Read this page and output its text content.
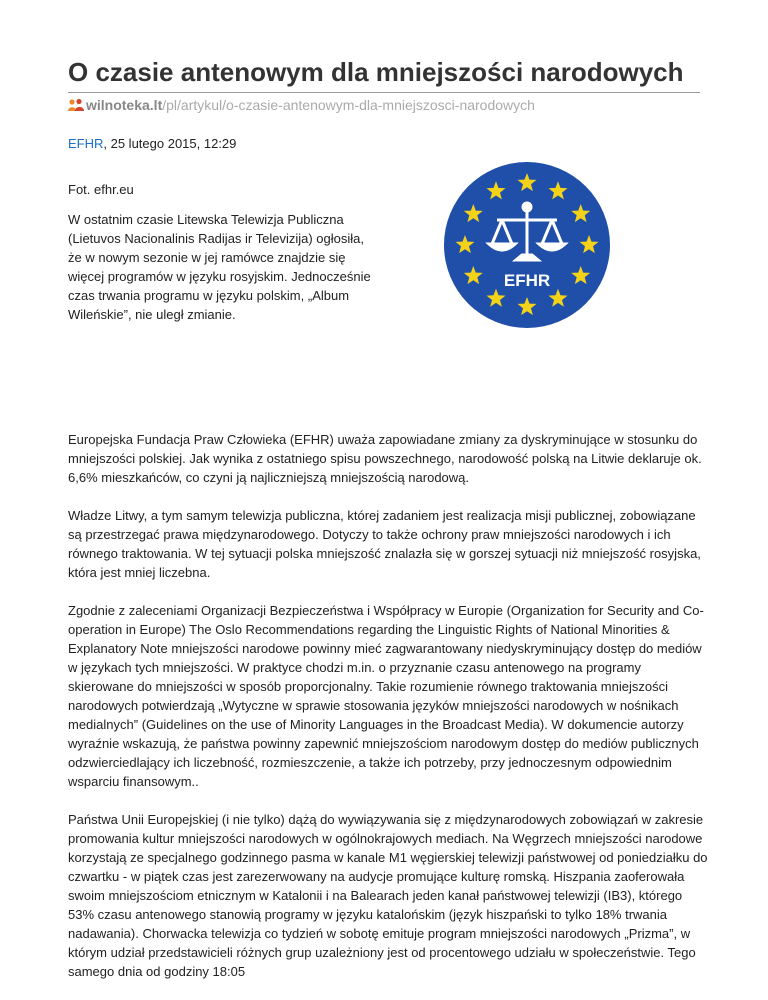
O czasie antenowym dla mniejszości narodowych
wilnoteka.lt/pl/artykul/o-czasie-antenowym-dla-mniejszosci-narodowych
EFHR, 25 lutego 2015, 12:29
Fot. efhr.eu

W ostatnim czasie Litewska Telewizja Publiczna (Lietuvos Nacionalinis Radijas ir Televizija) ogłosiła, że w nowym sezonie w jej ramówce znajdzie się więcej programów w języku rosyjskim. Jednocześnie czas trwania programu w języku polskim, „Album Wileńskie”, nie uległ zmianie.

EFHR

Europejska Fundacja Praw Człowieka (EFHR) uważa zapowiadane zmiany za dyskryminujące w stosunku do mniejszości polskiej. Jak wynika z ostatniego spisu powszechnego, narodowość polską na Litwie deklaruje ok. 6,6% mieszkańców, co czyni ją najliczniejszą mniejszością narodową.

Władze Litwy, a tym samym telewizja publiczna, której zadaniem jest realizacja misji publicznej, zobowiązane są przestrzegać prawa międzynarodowego. Dotyczy to także ochrony praw mniejszości narodowych i ich równego traktowania. W tej sytuacji polska mniejszość znalazła się w gorszej sytuacji niż mniejszość rosyjska, która jest mniej liczebna.

Zgodnie z zaleceniami Organizacji Bezpieczeństwa i Współpracy w Europie (Organization for Security and Co-operation in Europe) The Oslo Recommendations regarding the Linguistic Rights of National Minorities & Explanatory Note mniejszości narodowe powinny mieć zagwarantowany niedyskryminujący dostęp do mediów w językach tych mniejszości. W praktyce chodzi m.in. o przyznanie czasu antenowego na programy skierowane do mniejszości w sposób proporcjonalny. Takie rozumienie równego traktowania mniejszości narodowych potwierdzają „Wytyczne w sprawie stosowania języków mniejszości narodowych w nośnikach medialnych” (Guidelines on the use of Minority Languages in the Broadcast Media). W dokumencie autorzy wyraźnie wskazują, że państwa powinny zapewnić mniejszościom narodowym dostęp do mediów publicznych odzwierciedlający ich liczebność, rozmieszczenie, a także ich potrzeby, przy jednoczesnym odpowiednim wsparciu finansowym..

Państwa Unii Europejskiej (i nie tylko) dążą do wywiązywania się z międzynarodowych zobowiązań w zakresie promowania kultur mniejszości narodowych w ogólnokrajowych mediach. Na Węgrzech mniejszości narodowe korzystają ze specjalnego godzinnego pasma w kanale M1 węgierskiej telewizji państwowej od poniedziałku do czwartku - w piątek czas jest zarezerwowany na audycje promujące kulturę romską. Hiszpania zaoferowała swoim mniejszościom etnicznym w Katalonii i na Balearach jeden kanał państwowej telewizji (IB3), którego 53% czasu antenowego stanowią programy w języku katalońskim (język hiszpański to tylko 18% trwania nadawania). Chorwacka telewizja co tydzień w sobotę emituje program mniejszości narodowych „Prizma”, w którym udział przedstawicieli różnych grup uzależniony jest od procentowego udziału w społeczeństwie. Tego samego dnia od godziny 18:05
